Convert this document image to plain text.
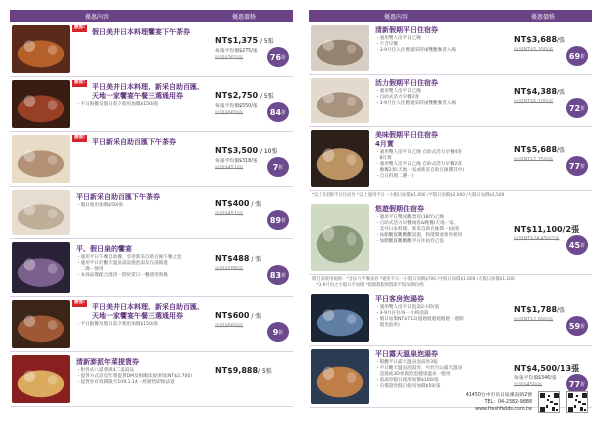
優惠內容	優惠價格
激推!
假日美井日本料理饗宴下午茶券
NT$1,375 / 5張
每張平均價$275/張
原價$363/張	76 折
激推!
平日美井日本料理、新采自助百匯、
天地一家饗宴午餐三選通用券
・平日限餐及假日前夕使用加價$150/張
NT$2,750 / 5張
每張平均價$550/張
原價$660/張	84 折
激推!
平日新采自助百匯下午茶券
NT$3,500 / 10張
每張平均價$318/張
原價$451/張	7 折
平日新采自助百匯下午茶券
・假日使用加價$50/張	NT$400 / 張
原價$451/張
89 折
平、假日泉的饗宴
・適用平日午餐自助餐、享用新采自助百匯午餐之套
・適用平日於觀天溫泉湯設施泡湯及在湯館進
　二擇一使用
・本商品僅配合澄清一間於當日一餐使用與換
NT$488 / 張
原價$588/張
83 折
激推!
平日美井日本料理、新采自助百匯、
天地一家饗宴午餐三選通用券
・平日限餐及假日前夕使用加價$150/張
NT$600 / 張
原價$660/張
9 折
清新澎派年菜提貨券
・附各式八道菜與4二道湯品
・提貨方式詳見年菜提貨DM及相關法規須知(NT$2,700)
・提貨券有效期限至109.1.14一經銷售即無法退
NT$9,888/ 5張
優惠內容	優惠價格
清新假期平日住宿券
・適用雙人房平日乙晚
・不含早餐
・3-9月任入住暨適采時兩雙觀餐者入場
NT$3,688/張
原價NT$5,300/張
69 折
活力假期平日住宿券
・適用雙人房平日乙晚
・自助式活力早餐2客
・3-9月任入住暨適采時兩雙觀餐者入場
NT$4,388/張
原價NT$6,100/張
72 折
美味假期平日住宿券
4月實
・適用雙人房平日乙晚 自助式活力早餐4客
　8月實
・適用雙人房平日乙晚 自助式活力早餐2客
　晚餐2客(天地一家或新采自助百匯選其中)
・自日料理二選一)
NT$5,688/張
原價NT$7,350/張
77 折
*以上5項限平日住宿券 *以上適用平日一小假日加價$1,000 /平假日加價$2,000 /大假日加價$2,500
悠遊假期住宿券
・適用平日雙床觀景房(18坪)乙晚
・自助式活力早餐兩客&晚餐(天地一家、
　美井日本料理、新采自助百匯擇一)兩客
・泳館觀賞觀觀觀設施，和澄間流會券使用
・加贈觀賞觀觀觀平日住宿券乙張
NT$11,100/2張
原價NT$24,450/2張
45 折
價目表使用規則：*含法力平餐表券 *適用平日一小假日加價$700 /中假日加價$1,600 /大假日加價$1,100
　*3-9月份之小假日平加價 *假館假假與假節平假加價份例
平日客房泡湯券
・適用雙人房平日泡湯2小時/張
・3-9月任住每一小時泡湯
・假日加價NT$712(週週週週週週週一週期
　現金前券)
NT$1,788/張
原價NT$2,990/張
59 折
平日露天溫泉泡湯券
・限觀平日露天溫泉泡湯券3張
・平日觀天溫泉泡湯券，可於台山露天溫泉
　設施或3D亮與泡泡健康溫泉一使用
・前湯券假日使用加價$100/張
・有價證券假日使用加價$50/張
NT$4,500/13張
每張平均價$346/張
原價$450/張	77 折
41450台中市烏日區溪南路2號
TEL：04-2382-9888
www.freshfields.com.tw
